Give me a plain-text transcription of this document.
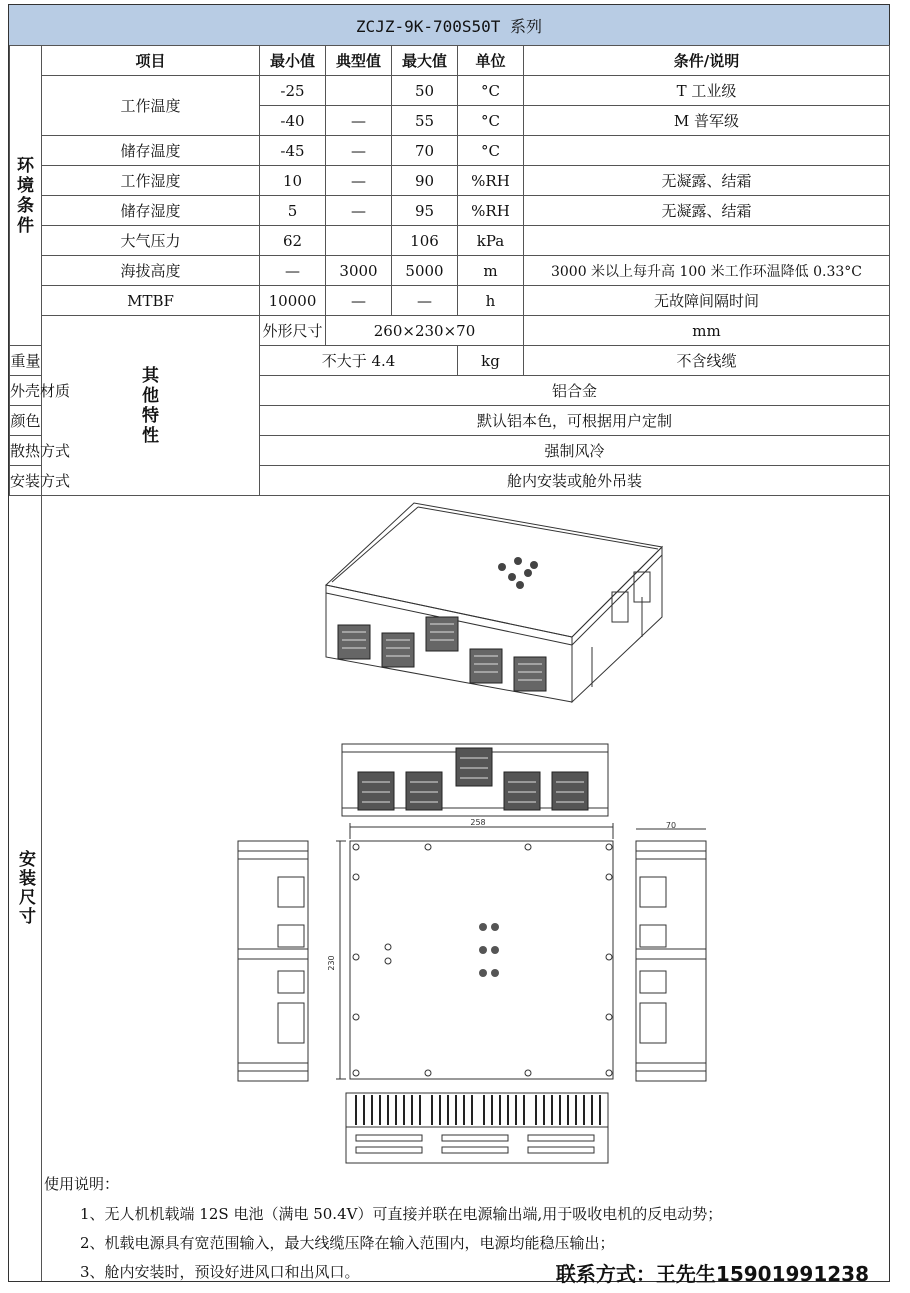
ZCJZ-9K-700S50T 系列
环
境
条
件	项目	最小值	典型值	最大值	单位	条件/说明	
	工作温度	-25		50	°C	T 工业级	
		-40	—	55	°C	M 普军级	
	储存温度	-45	—	70	°C		
	工作湿度	10	—	90	%RH	无凝露、结霜	
	储存湿度	5	—	95	%RH	无凝露、结霜	
	大气压力	62		106	kPa		
	海拔高度	—	3000	5000	m	3000 米以上每升高 100 米工作环温降低 0.33°C	
	MTBF	10000	—	—	h	无故障间隔时间	
	其
他
特
性	外形尺寸	260×230×70			mm	
重量		不大于 4.4			kg	不含线缆	
外壳材质		铝合金					
颜色		默认铝本色，可根据用户定制					
散热方式		强制风冷					
安装方式		舱内安装或舱外吊装					
安装尺寸
258
230
70
使用说明：
1、无人机机载端 12S 电池（满电 50.4V）可直接并联在电源输出端,用于吸收电机的反电动势；
2、机载电源具有宽范围输入，最大线缆压降在输入范围内，电源均能稳压输出；
3、舱内安装时，预设好进风口和出风口。	联系方式：王先生15901991238
